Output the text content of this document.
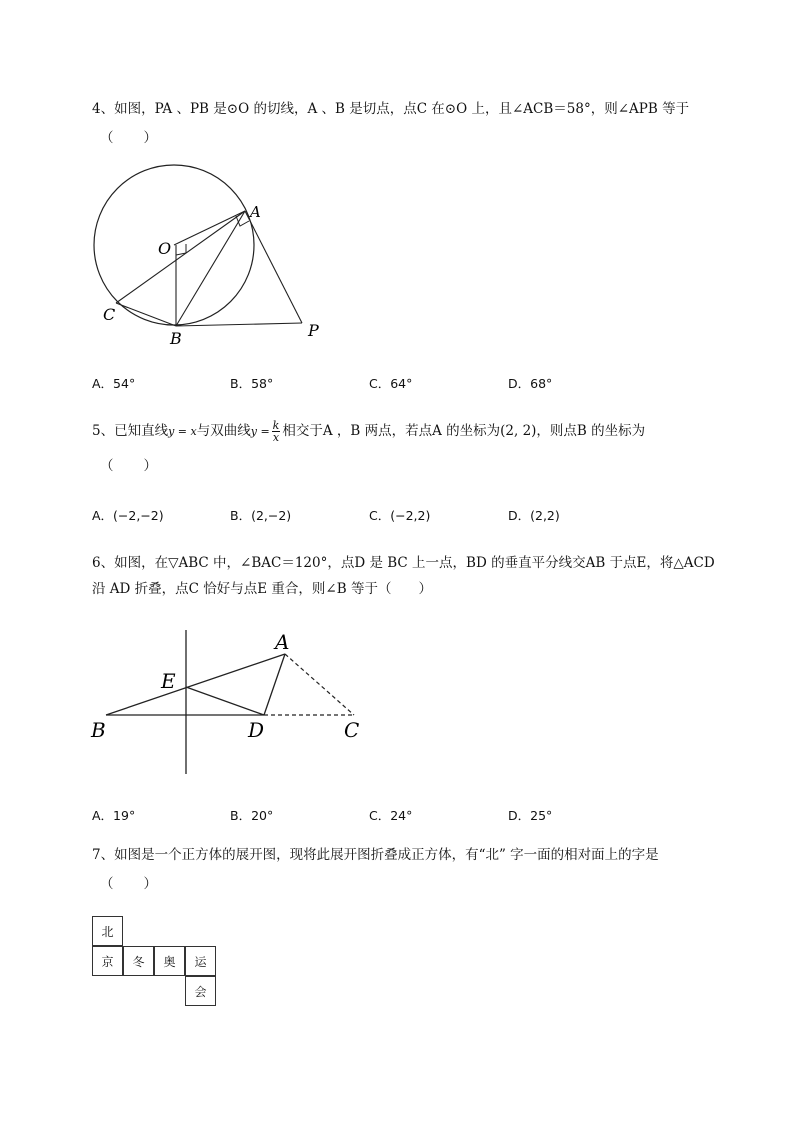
4、如图，PA 、PB 是⊙O 的切线，A 、B 是切点，点C 在⊙O 上，且∠ACB＝58°，则∠APB 等于
（　　）
A
O
C
B	P
A．54°	B．58°	C．64°	D．68°
5、已知直线y = x与双曲线$y = \frac{k}{x}$ 相交于A ，B 两点，若点A 的坐标为(2, 2)，则点B 的坐标为
（　　）
A．(−2,−2)	B．(2,−2)	C．(−2,2)	D．(2,2)
6、如图，在▽ABC 中，∠BAC＝120°，点D 是 BC 上一点，BD 的垂直平分线交AB 于点E，将△ACD
沿 AD 折叠，点C 恰好与点E 重合，则∠B 等于（　　）
A
E
B	D	C
A．19°	B．20°	C．24°	D．25°
7、如图是一个正方体的展开图，现将此展开图折叠成正方体，有“北” 字一面的相对面上的字是
（　　）
北
京	冬	奥	运
会
